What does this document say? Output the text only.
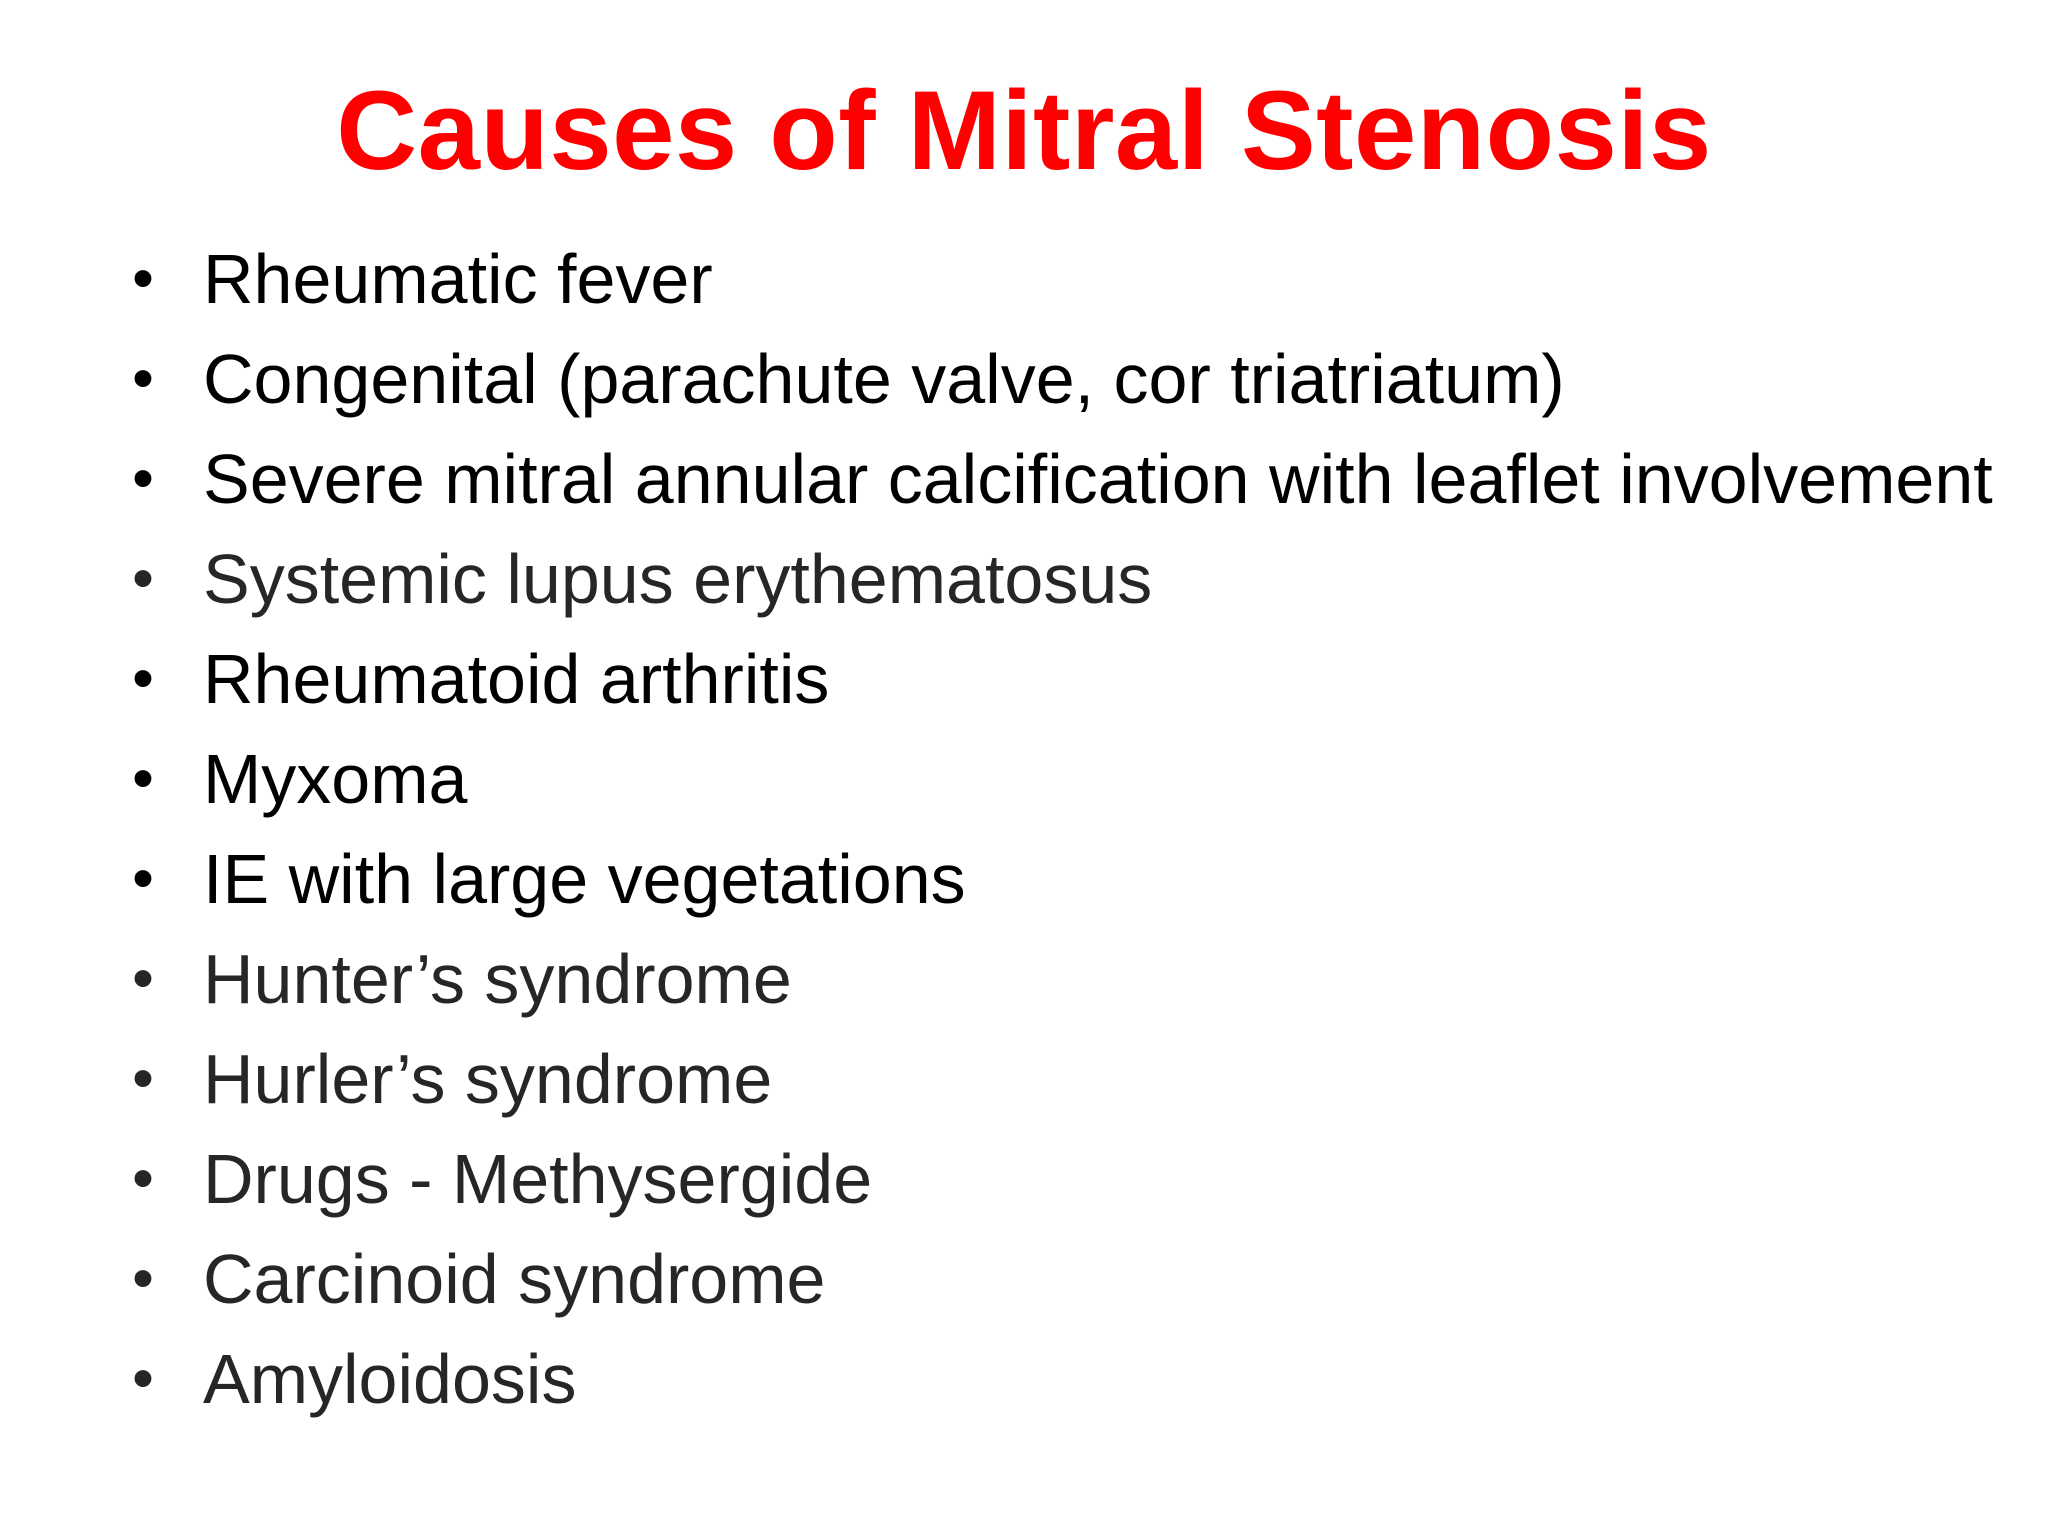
Causes of Mitral Stenosis
• Rheumatic fever
• Congenital (parachute valve, cor triatriatum)
• Severe mitral annular calcification with leaflet involvement
• Systemic lupus erythematosus
• Rheumatoid arthritis
• Myxoma
• IE with large vegetations
• Hunter’s syndrome
• Hurler’s syndrome
• Drugs - Methysergide
• Carcinoid syndrome
• Amyloidosis
